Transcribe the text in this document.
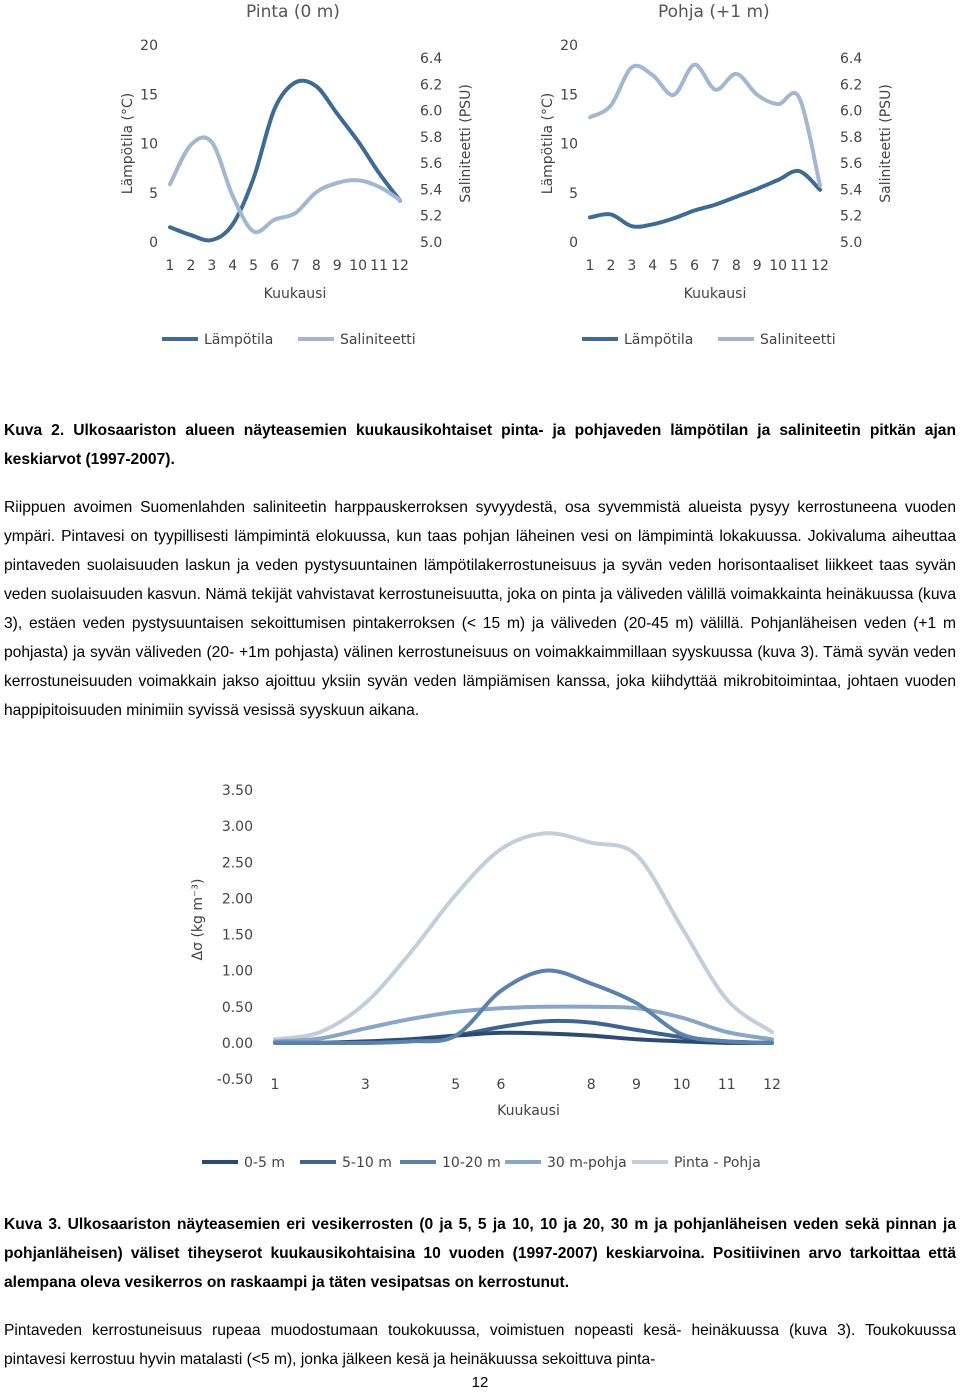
Pinta (0 m)
0
5
10
15
20
5.0
5.2
5.4
5.6
5.8
6.0
6.2
6.4
1 2 3 4 5 6 7 8 9 10 11 12
Kuukausi
Lämpötila (°C)	Saliniteetti (PSU)
Pohja (+1 m)
0
5
10
15
20
5.0
5.2
5.4
5.6
5.8
6.0
6.2
6.4
1 2 3 4 5 6 7 8 9 10 11 12
Kuukausi
Lämpötila (°C)	Saliniteetti (PSU)
Lämpötila	Saliniteetti	Lämpötila	Saliniteetti
Kuva 2. Ulkosaariston alueen näyteasemien kuukausikohtaiset pinta- ja pohjaveden lämpötilan ja saliniteetin pitkän ajan keskiarvot (1997-2007).
Riippuen avoimen Suomenlahden saliniteetin harppauskerroksen syvyydestä, osa syvemmistä alueista pysyy kerrostuneena vuoden ympäri. Pintavesi on tyypillisesti lämpimintä elokuussa, kun taas pohjan läheinen vesi on lämpimintä lokakuussa. Jokivaluma aiheuttaa pintaveden suolaisuuden laskun ja veden pystysuuntainen lämpötilakerrostuneisuus ja syvän veden horisontaaliset liikkeet taas syvän veden suolaisuuden kasvun. Nämä tekijät vahvistavat kerrostuneisuutta, joka on pinta ja väliveden välillä voimakkainta heinäkuussa (kuva 3), estäen veden pystysuuntaisen sekoittumisen pintakerroksen (< 15 m) ja väliveden (20-45 m) välillä. Pohjanläheisen veden (+1 m pohjasta) ja syvän väliveden (20- +1m pohjasta) välinen kerrostuneisuus on voimakkaimmillaan syyskuussa (kuva 3). Tämä syvän veden kerrostuneisuuden voimakkain jakso ajoittuu yksiin syvän veden lämpiämisen kanssa, joka kiihdyttää mikrobitoimintaa, johtaen vuoden happipitoisuuden minimiin syvissä vesissä syyskuun aikana.
-0.50
0.00
0.50
1.00
1.50
2.00
2.50
3.00
3.50
1	3	5	6	8	9 10 11 12
Kuukausi
Δσ (kg m⁻³)
0-5 m	5-10 m	10-20 m	30 m-pohja	Pinta - Pohja
Kuva 3. Ulkosaariston näyteasemien eri vesikerrosten (0 ja 5, 5 ja 10, 10 ja 20, 30 m ja pohjanläheisen veden sekä pinnan ja pohjanläheisen) väliset tiheyserot kuukausikohtaisina 10 vuoden (1997-2007) keskiarvoina. Positiivinen arvo tarkoittaa että alempana oleva vesikerros on raskaampi ja täten vesipatsas on kerrostunut.
Pintaveden kerrostuneisuus rupeaa muodostumaan toukokuussa, voimistuen nopeasti kesä- heinäkuussa (kuva 3). Toukokuussa pintavesi kerrostuu hyvin matalasti (<5 m), jonka jälkeen kesä ja heinäkuussa sekoittuva pinta-
12
